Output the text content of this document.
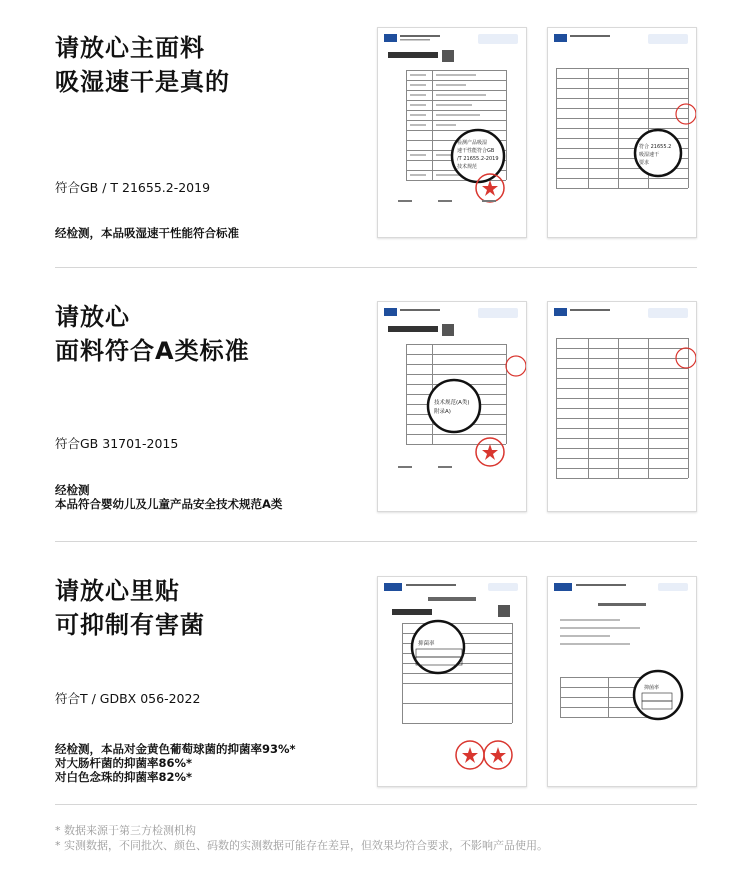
请放心主面料
吸湿速干是真的
符合GB / T 21655.2-2019
经检测，本品吸湿速干性能符合标准
检测产品吸湿
速干性能符合GB
/T 21655.2-2019
技术规范
符合 21655.2
吸湿速干
要求
请放心
面料符合A类标准
符合GB 31701-2015
经检测
本品符合婴幼儿及儿童产品安全技术规范A类
技术规范(A类)
附录A)
请放心里贴
可抑制有害菌
符合T / GDBX 056-2022
经检测，本品对金黄色葡萄球菌的抑菌率93%*
对大肠杆菌的抑菌率86%*
对白色念珠的抑菌率82%*
抑菌率
抑菌率
* 数据来源于第三方检测机构
* 实测数据，不同批次、颜色、码数的实测数据可能存在差异，但效果均符合要求，不影响产品使用。
